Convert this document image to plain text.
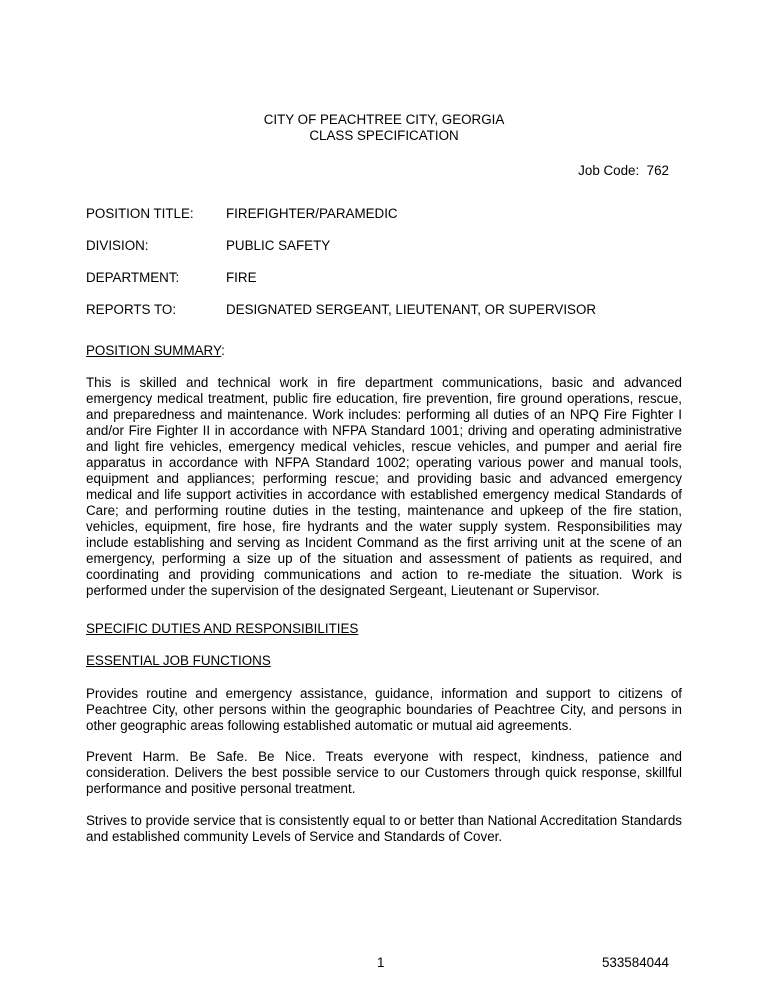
CITY OF PEACHTREE CITY, GEORGIA
CLASS SPECIFICATION
Job Code:  762
POSITION TITLE: FIREFIGHTER/PARAMEDIC
DIVISION:	PUBLIC SAFETY
DEPARTMENT:	FIRE
REPORTS TO:	DESIGNATED SERGEANT, LIEUTENANT, OR SUPERVISOR
POSITION SUMMARY:
This is skilled and technical work in fire department communications, basic and advanced emergency medical treatment, public fire education, fire prevention, fire ground operations, rescue, and preparedness and maintenance. Work includes: performing all duties of an NPQ Fire Fighter I and/or Fire Fighter II in accordance with NFPA Standard 1001; driving and operating administrative and light fire vehicles, emergency medical vehicles, rescue vehicles, and pumper and aerial fire apparatus in accordance with NFPA Standard 1002; operating various power and manual tools, equipment and appliances; performing rescue; and providing basic and advanced emergency medical and life support activities in accordance with established emergency medical Standards of Care; and performing routine duties in the testing, maintenance and upkeep of the fire station, vehicles, equipment, fire hose, fire hydrants and the water supply system. Responsibilities may include establishing and serving as Incident Command as the first arriving unit at the scene of an emergency, performing a size up of the situation and assessment of patients as required, and coordinating and providing communications and action to re-mediate the situation. Work is performed under the supervision of the designated Sergeant, Lieutenant or Supervisor.
SPECIFIC DUTIES AND RESPONSIBILITIES
ESSENTIAL JOB FUNCTIONS
Provides routine and emergency assistance, guidance, information and support to citizens of Peachtree City, other persons within the geographic boundaries of Peachtree City, and persons in other geographic areas following established automatic or mutual aid agreements.
Prevent Harm. Be Safe. Be Nice. Treats everyone with respect, kindness, patience and consideration. Delivers the best possible service to our Customers through quick response, skillful performance and positive personal treatment.
Strives to provide service that is consistently equal to or better than National Accreditation Standards and established community Levels of Service and Standards of Cover.
1	533584044
